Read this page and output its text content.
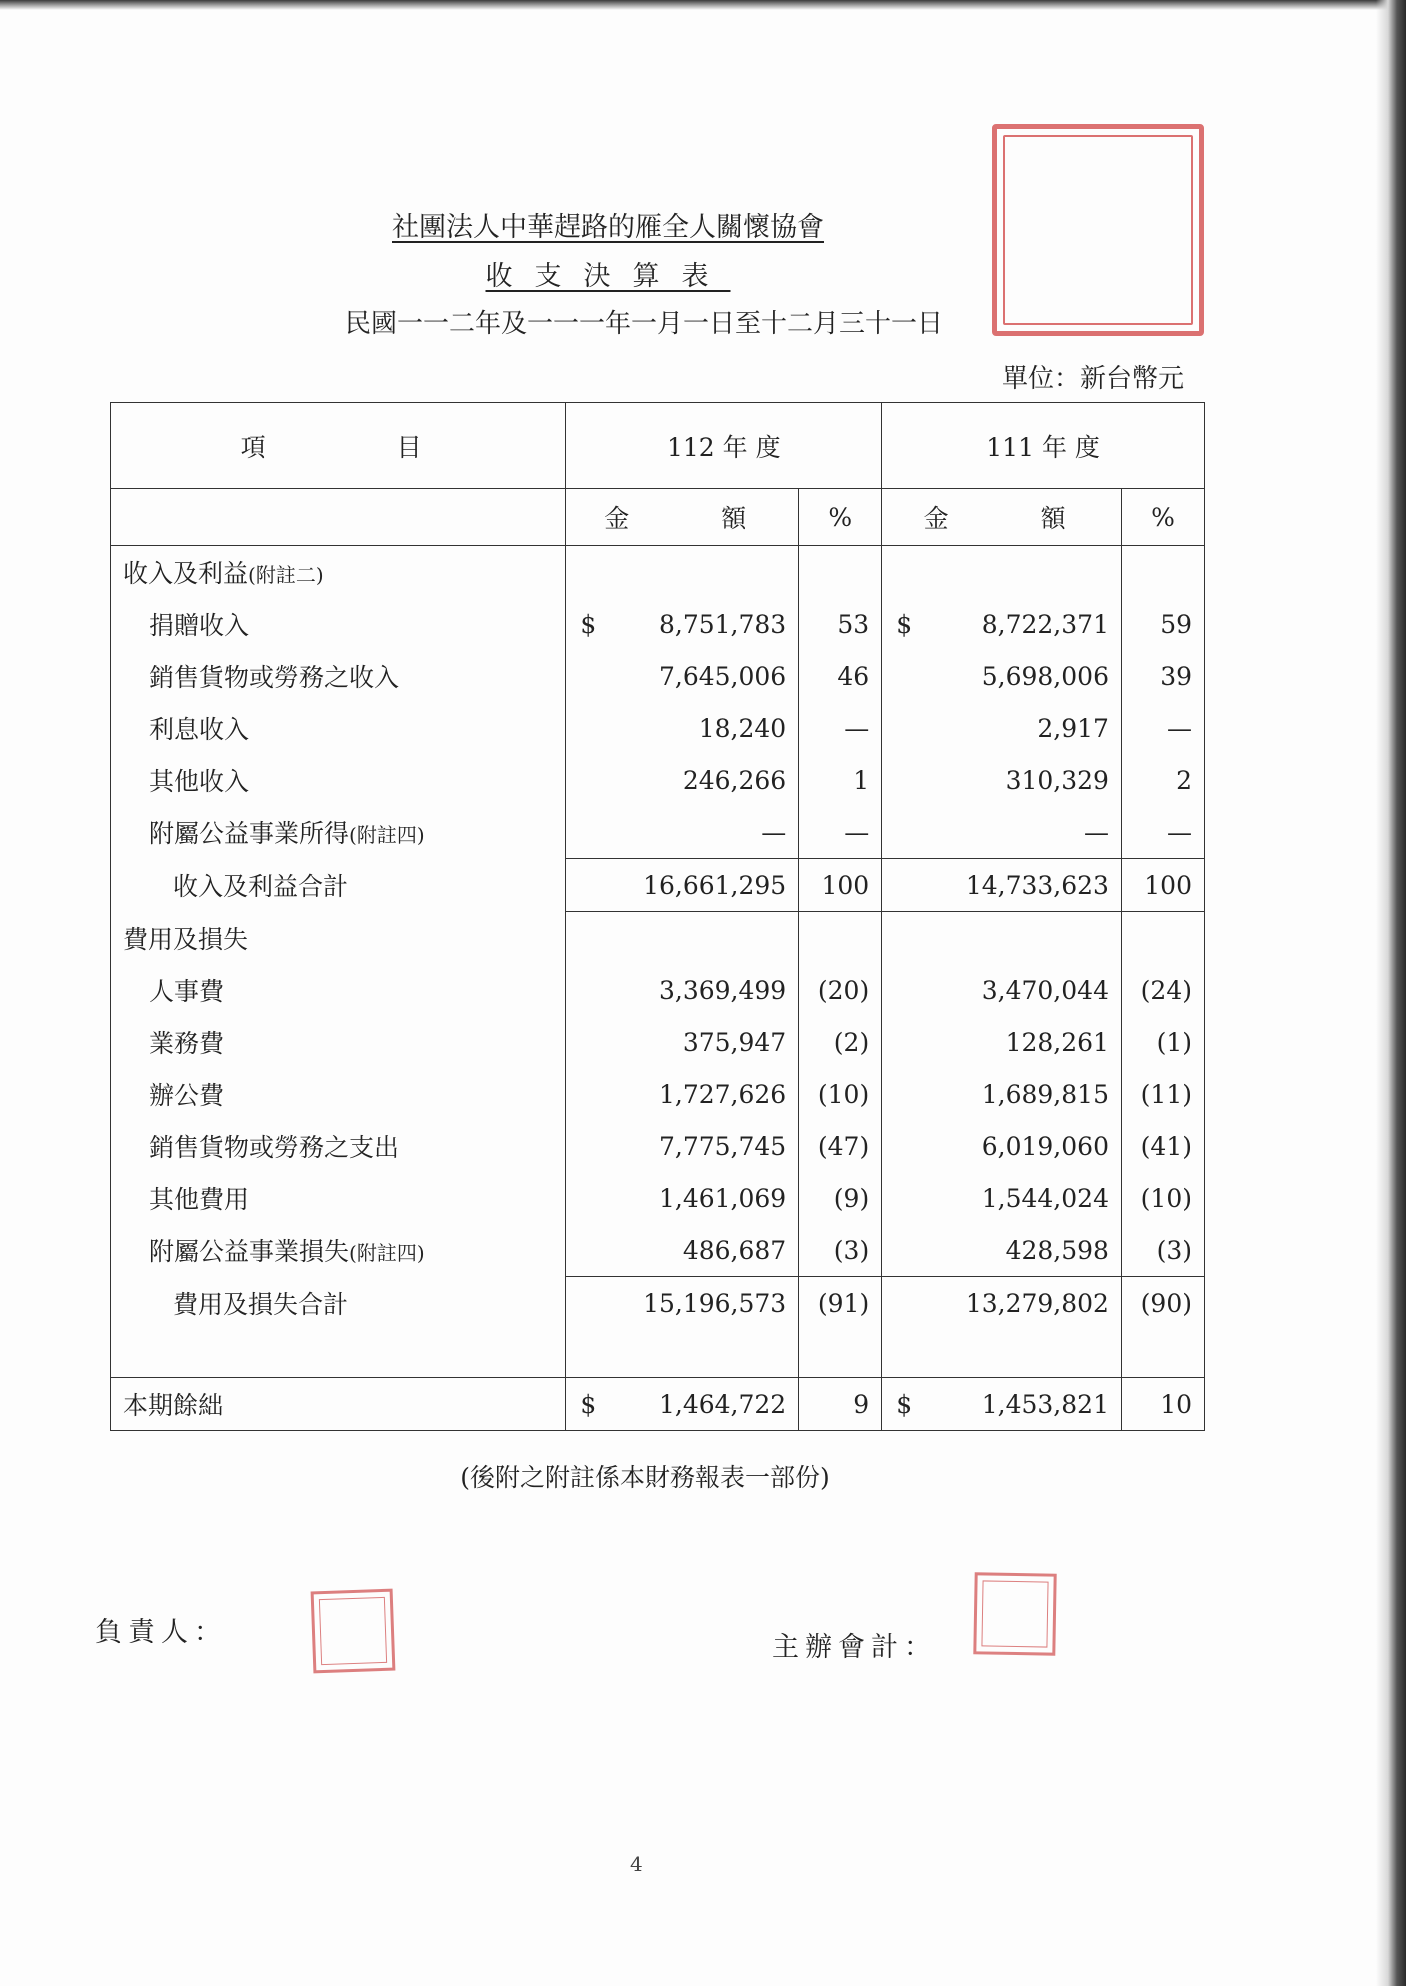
社團法人中華趕路的雁全人關懷協會
收支決算表
民國一一二年及一一一年一月一日至十二月三十一日
單位：新台幣元
項　　　目	112 年 度		111 年 度	
	金　　額	%	金　　額	%
收入及利益(附註二)				
捐贈收入	$ 8,751,783	53	$ 8,722,371	59
銷售貨物或勞務之收入	7,645,006	46	5,698,006	39
利息收入	18,240	—	2,917	—
其他收入	246,266	1	310,329	2
附屬公益事業所得(附註四)	—	—	—	—
收入及利益合計	16,661,295	100	14,733,623	100
費用及損失				
人事費	3,369,499	(20)	3,470,044	(24)
業務費	375,947	(2)	128,261	(1)
辦公費	1,727,626	(10)	1,689,815	(11)
銷售貨物或勞務之支出	7,775,745	(47)	6,019,060	(41)
其他費用	1,461,069	(9)	1,544,024	(10)
附屬公益事業損失(附註四)	486,687	(3)	428,598	(3)
費用及損失合計	15,196,573	(91)	13,279,802	(90)

本期餘絀	$ 1,464,722	9	$ 1,453,821	10
(後附之附註係本財務報表一部份)
負責人：	主辦會計：
4
